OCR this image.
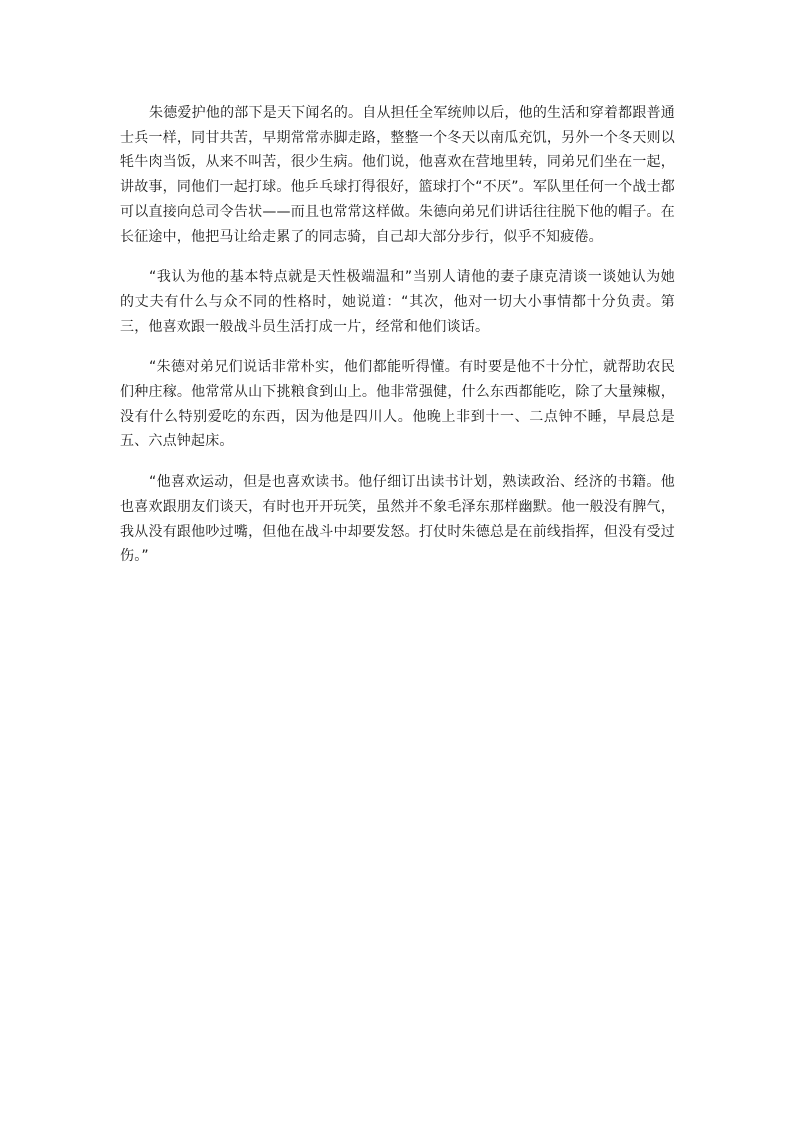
朱德爱护他的部下是天下闻名的。自从担任全军统帅以后，他的生活和穿着都跟普通士兵一样，同甘共苦，早期常常赤脚走路，整整一个冬天以南瓜充饥，另外一个冬天则以牦牛肉当饭，从来不叫苦，很少生病。他们说，他喜欢在营地里转，同弟兄们坐在一起，讲故事，同他们一起打球。他乒乓球打得很好，篮球打个“不厌”。军队里任何一个战士都可以直接向总司令告状——而且也常常这样做。朱德向弟兄们讲话往往脱下他的帽子。在长征途中，他把马让给走累了的同志骑，自己却大部分步行，似乎不知疲倦。

“我认为他的基本特点就是天性极端温和”当别人请他的妻子康克清谈一谈她认为她的丈夫有什么与众不同的性格时，她说道：“其次，他对一切大小事情都十分负责。第三，他喜欢跟一般战斗员生活打成一片，经常和他们谈话。

“朱德对弟兄们说话非常朴实，他们都能听得懂。有时要是他不十分忙，就帮助农民们种庄稼。他常常从山下挑粮食到山上。他非常强健，什么东西都能吃，除了大量辣椒，没有什么特别爱吃的东西，因为他是四川人。他晚上非到十一、二点钟不睡，早晨总是五、六点钟起床。

“他喜欢运动，但是也喜欢读书。他仔细订出读书计划，熟读政治、经济的书籍。他也喜欢跟朋友们谈天，有时也开开玩笑，虽然并不象毛泽东那样幽默。他一般没有脾气，我从没有跟他吵过嘴，但他在战斗中却要发怒。打仗时朱德总是在前线指挥，但没有受过伤。”
